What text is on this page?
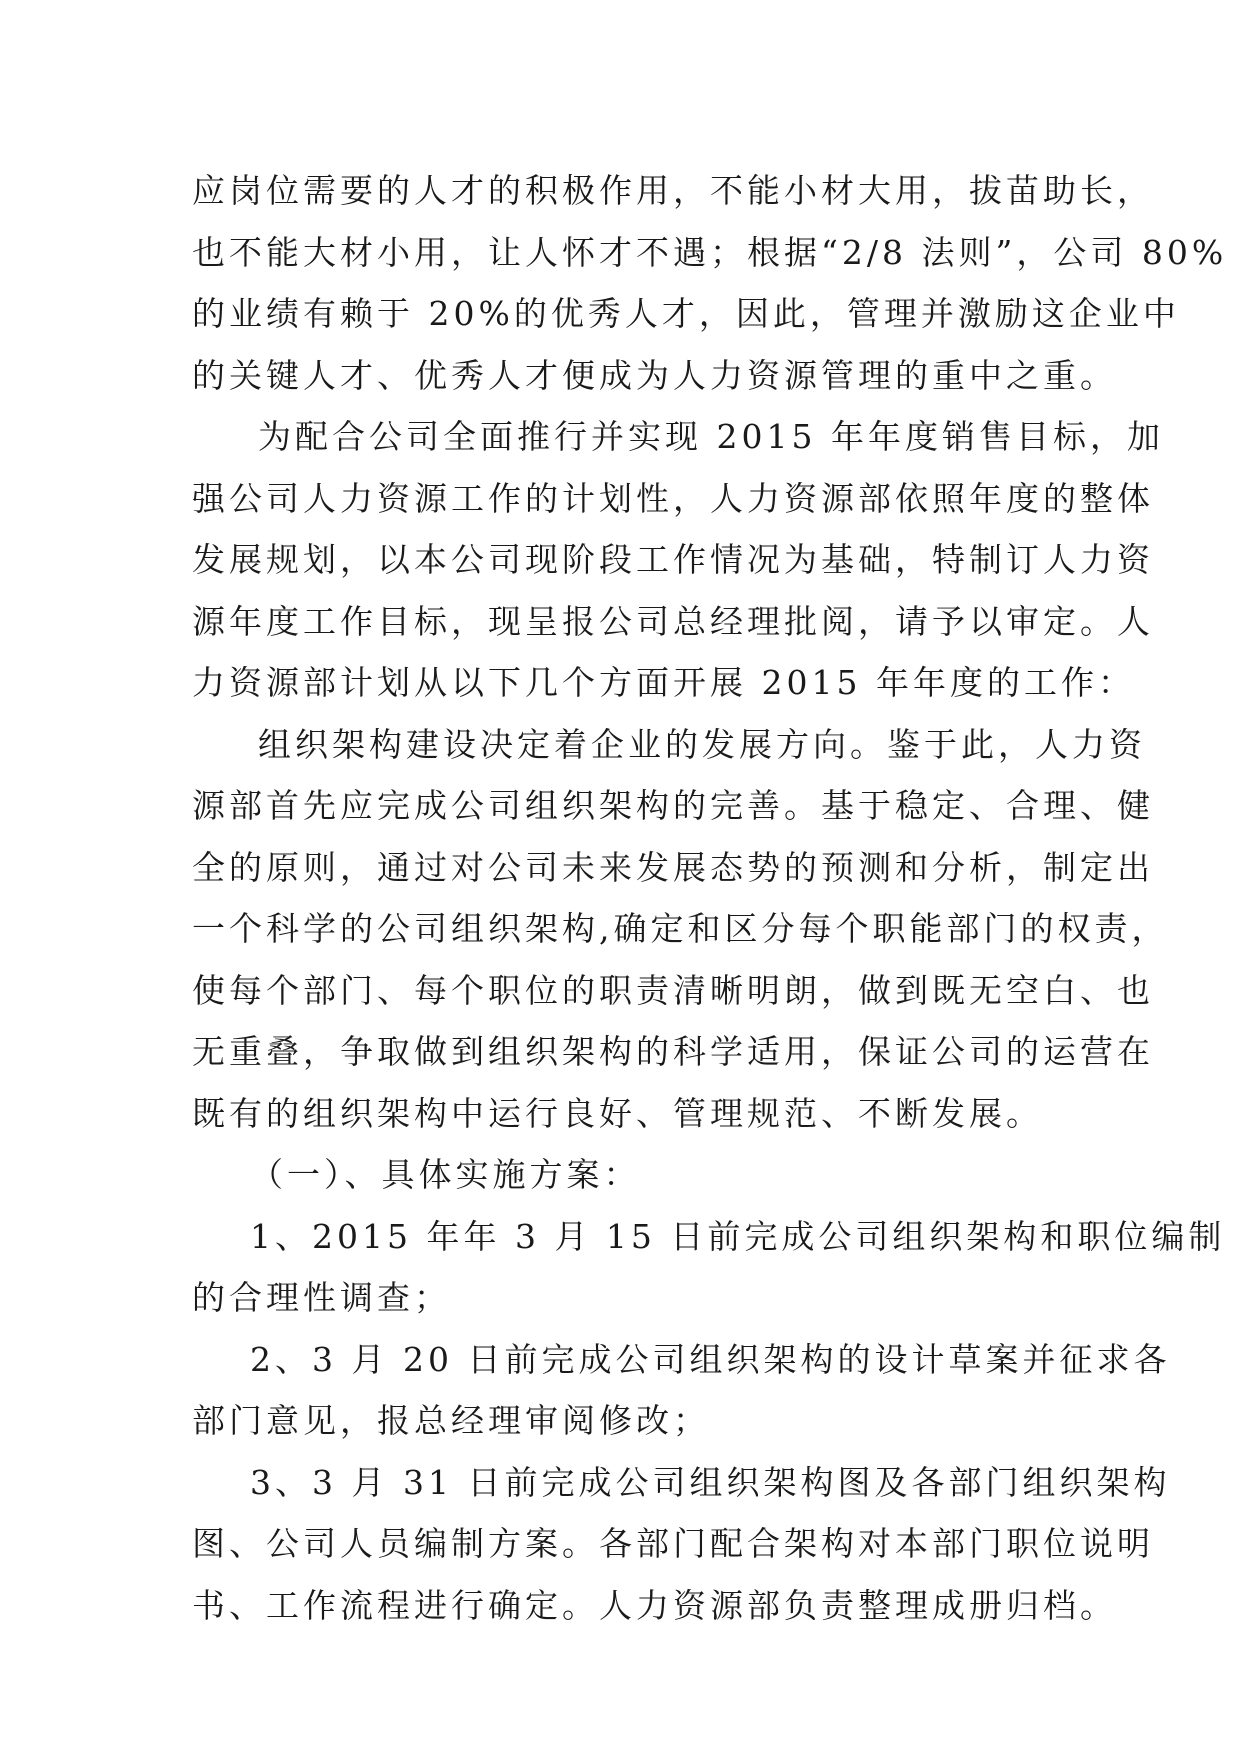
应岗位需要的人才的积极作用，不能小材大用，拔苗助长，
也不能大材小用，让人怀才不遇；根据“2/8 法则”，公司 80%
的业绩有赖于 20%的优秀人才，因此，管理并激励这企业中
的关键人才、优秀人才便成为人力资源管理的重中之重。
为配合公司全面推行并实现 2015 年年度销售目标，加
强公司人力资源工作的计划性，人力资源部依照年度的整体
发展规划，以本公司现阶段工作情况为基础，特制订人力资
源年度工作目标，现呈报公司总经理批阅，请予以审定。人
力资源部计划从以下几个方面开展 2015 年年度的工作：
组织架构建设决定着企业的发展方向。鉴于此，人力资
源部首先应完成公司组织架构的完善。基于稳定、合理、健
全的原则，通过对公司未来发展态势的预测和分析，制定出
一个科学的公司组织架构,确定和区分每个职能部门的权责，
使每个部门、每个职位的职责清晰明朗，做到既无空白、也
无重叠，争取做到组织架构的科学适用，保证公司的运营在
既有的组织架构中运行良好、管理规范、不断发展。
（一）、具体实施方案：
1、2015 年年 3 月 15 日前完成公司组织架构和职位编制
的合理性调查；
2、3 月 20 日前完成公司组织架构的设计草案并征求各
部门意见，报总经理审阅修改；
3、3 月 31 日前完成公司组织架构图及各部门组织架构
图、公司人员编制方案。各部门配合架构对本部门职位说明
书、工作流程进行确定。人力资源部负责整理成册归档。
